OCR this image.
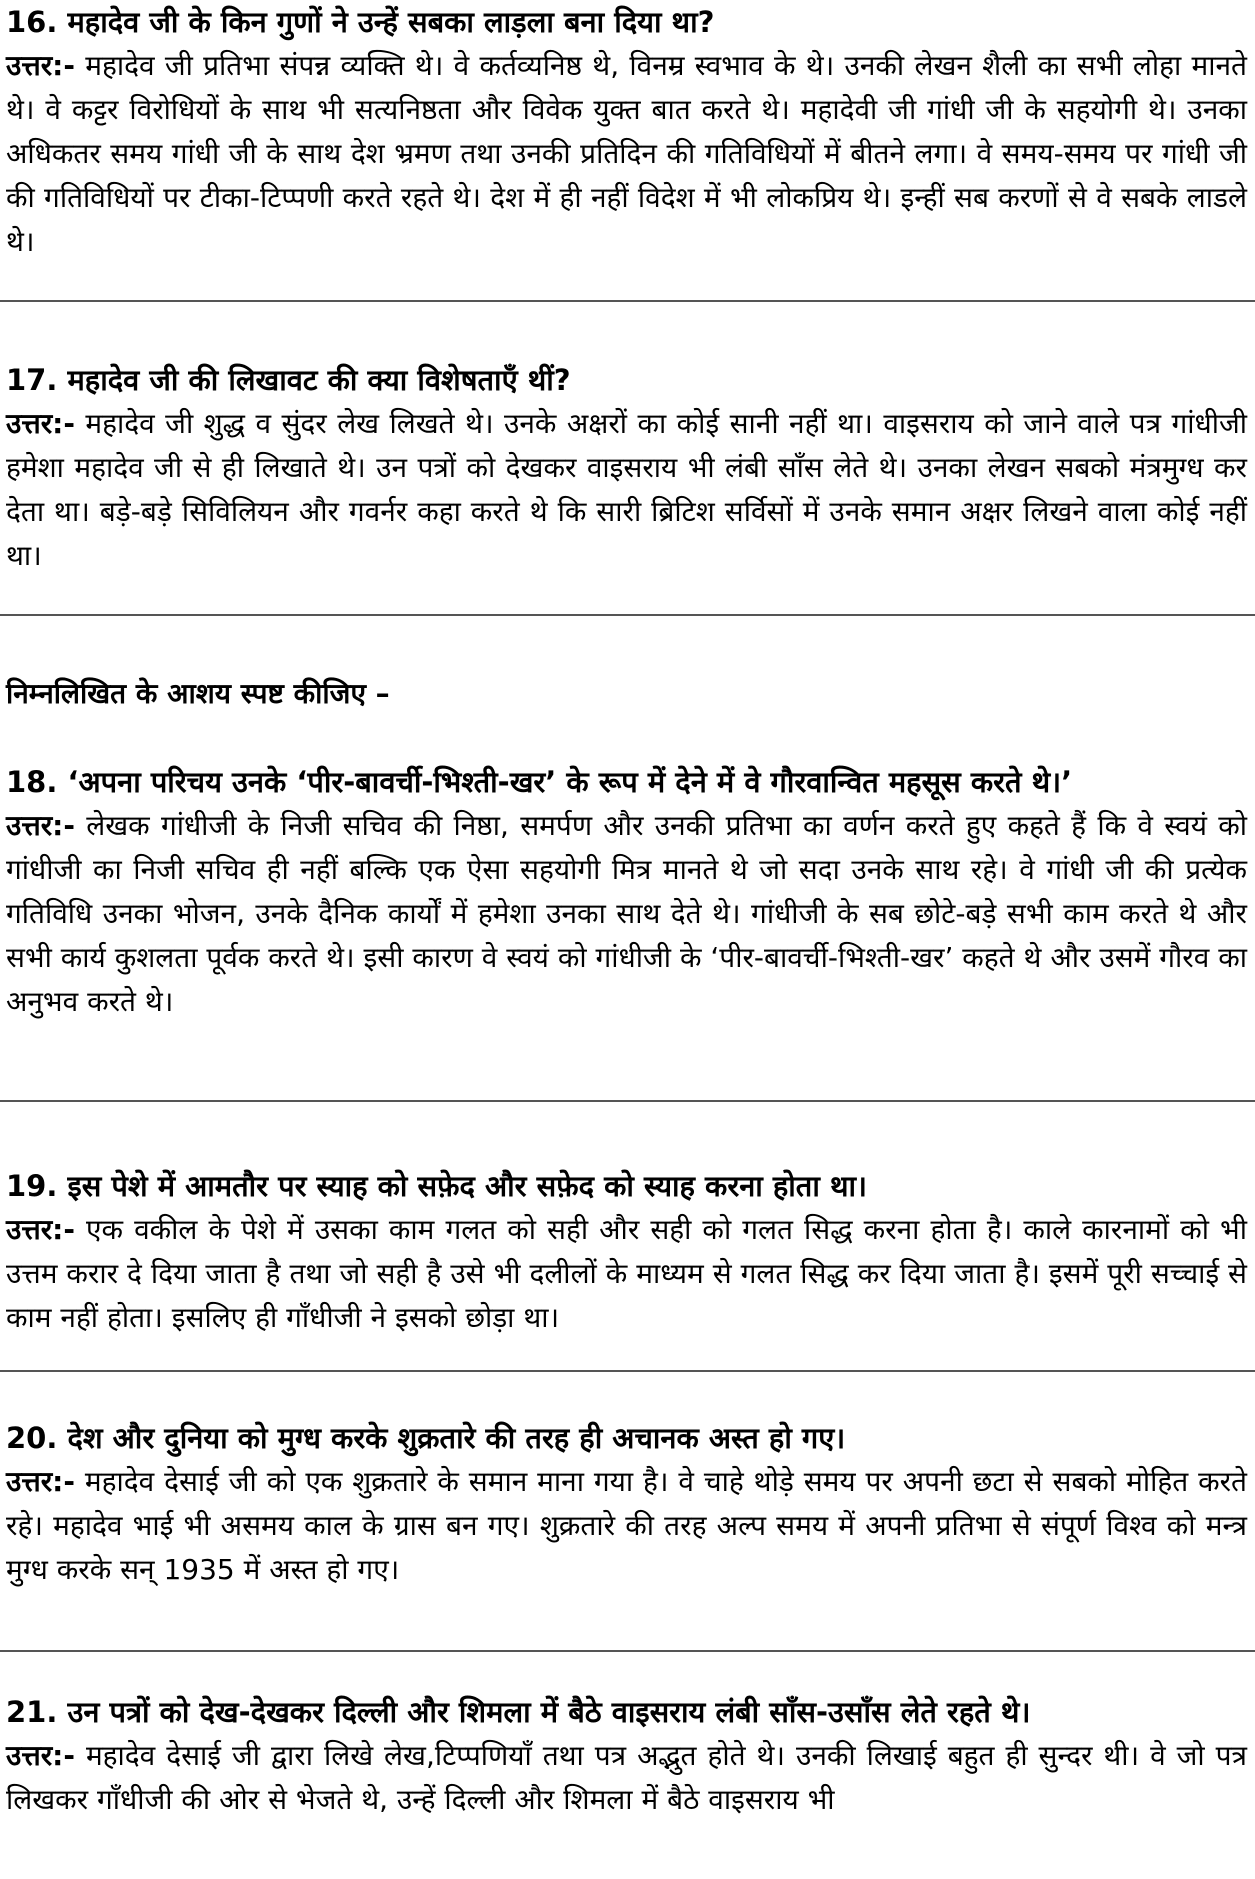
16. महादेव जी के किन गुणों ने उन्हें सबका लाड़ला बना दिया था?

उत्तर:- महादेव जी प्रतिभा संपन्न व्यक्ति थे। वे कर्तव्यनिष्ठ थे, विनम्र स्वभाव के थे। उनकी लेखन शैली का सभी लोहा मानते थे। वे कट्टर विरोधियों के साथ भी सत्यनिष्ठता और विवेक युक्त बात करते थे। महादेवी जी गांधी जी के सहयोगी थे। उनका अधिकतर समय गांधी जी के साथ देश भ्रमण तथा उनकी प्रतिदिन की गतिविधियों में बीतने लगा। वे समय-समय पर गांधी जी की गतिविधियों पर टीका-टिप्पणी करते रहते थे। देश में ही नहीं विदेश में भी लोकप्रिय थे। इन्हीं सब करणों से वे सबके लाडले थे।

17. महादेव जी की लिखावट की क्या विशेषताएँ थीं?

उत्तर:- महादेव जी शुद्ध व सुंदर लेख लिखते थे। उनके अक्षरों का कोई सानी नहीं था। वाइसराय को जाने वाले पत्र गांधीजी हमेशा महादेव जी से ही लिखाते थे। उन पत्रों को देखकर वाइसराय भी लंबी साँस लेते थे। उनका लेखन सबको मंत्रमुग्ध कर देता था। बड़े-बड़े सिविलियन और गवर्नर कहा करते थे कि सारी ब्रिटिश सर्विसों में उनके समान अक्षर लिखने वाला कोई नहीं था।

निम्नलिखित के आशय स्पष्ट कीजिए –

18. ‘अपना परिचय उनके ‘पीर-बावर्ची-भिश्ती-खर’ के रूप में देने में वे गौरवान्वित महसूस करते थे।’

उत्तर:- लेखक गांधीजी के निजी सचिव की निष्ठा, समर्पण और उनकी प्रतिभा का वर्णन करते हुए कहते हैं कि वे स्वयं को गांधीजी का निजी सचिव ही नहीं बल्कि एक ऐसा सहयोगी मित्र मानते थे जो सदा उनके साथ रहे। वे गांधी जी की प्रत्येक गतिविधि उनका भोजन, उनके दैनिक कार्यों में हमेशा उनका साथ देते थे। गांधीजी के सब छोटे-बड़े सभी काम करते थे और सभी कार्य कुशलता पूर्वक करते थे। इसी कारण वे स्वयं को गांधीजी के ‘पीर-बावर्ची-भिश्ती-खर’ कहते थे और उसमें गौरव का अनुभव करते थे।

19. इस पेशे में आमतौर पर स्याह को सफ़ेद और सफ़ेद को स्याह करना होता था।

उत्तर:- एक वकील के पेशे में उसका काम गलत को सही और सही को गलत सिद्ध करना होता है। काले कारनामों को भी उत्तम करार दे दिया जाता है तथा जो सही है उसे भी दलीलों के माध्यम से गलत सिद्ध कर दिया जाता है। इसमें पूरी सच्चाई से काम नहीं होता। इसलिए ही गाँधीजी ने इसको छोड़ा था।

20. देश और दुनिया को मुग्ध करके शुक्रतारे की तरह ही अचानक अस्त हो गए।

उत्तर:- महादेव देसाई जी को एक शुक्रतारे के समान माना गया है। वे चाहे थोड़े समय पर अपनी छटा से सबको मोहित करते रहे। महादेव भाई भी असमय काल के ग्रास बन गए। शुक्रतारे की तरह अल्प समय में अपनी प्रतिभा से संपूर्ण विश्व को मन्त्र मुग्ध करके सन् 1935 में अस्त हो गए।

21. उन पत्रों को देख-देखकर दिल्ली और शिमला में बैठे वाइसराय लंबी साँस-उसाँस लेते रहते थे।

उत्तर:- महादेव देसाई जी द्वारा लिखे लेख,टिप्पणियाँ तथा पत्र अद्भुत होते थे। उनकी लिखाई बहुत ही सुन्दर थी। वे जो पत्र लिखकर गाँधीजी की ओर से भेजते थे, उन्हें दिल्ली और शिमला में बैठे वाइसराय भी
